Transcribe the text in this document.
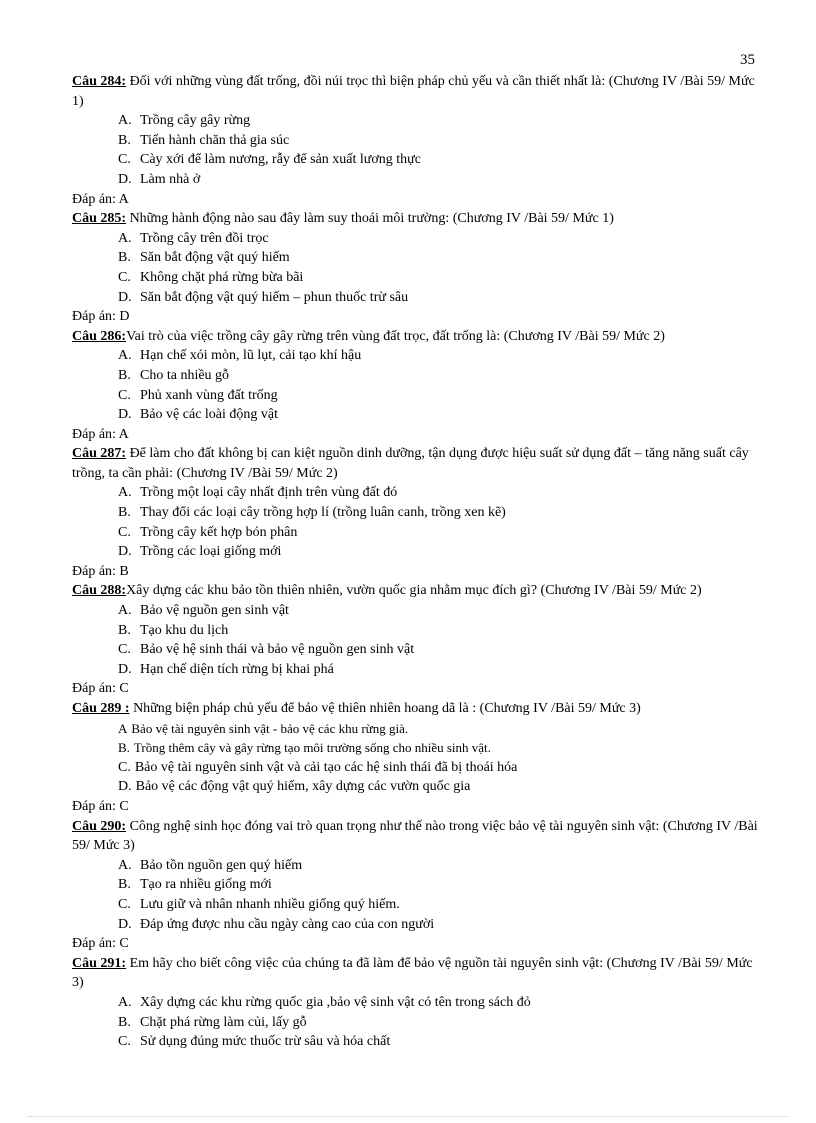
35

Câu 284: Đối với những vùng đất trống, đồi núi trọc thì biện pháp chủ yếu và cần thiết nhất là: (Chương IV /Bài 59/ Mức 1)

A. Trồng cây gây rừng
B. Tiến hành chăn thả gia súc
C. Cày xới để làm nương, rẫy để sản xuất lương thực
D. Làm nhà ở

Đáp án: A

Câu 285: Những hành động nào sau đây làm suy thoái môi trường: (Chương IV /Bài 59/ Mức 1)

A. Trồng cây trên đồi trọc
B. Săn bắt động vật quý hiếm
C. Không chặt phá rừng bừa bãi
D. Săn bắt động vật quý hiếm – phun thuốc trừ sâu

Đáp án: D

Câu 286:Vai trò của việc trồng cây gây rừng trên vùng đất trọc, đất trống là: (Chương IV /Bài 59/ Mức 2)

A. Hạn chế xói mòn, lũ lụt, cải tạo khí hậu
B. Cho ta nhiều gỗ
C. Phủ xanh vùng đất trống
D. Bảo vệ các loài động vật

Đáp án: A

Câu 287: Để làm cho đất không bị can kiệt nguồn dinh dưỡng, tận dụng được hiệu suất sử dụng đất – tăng năng suất cây trồng, ta cần phải: (Chương IV /Bài 59/ Mức 2)

A. Trồng một loại cây nhất định trên vùng đất đó
B. Thay đổi các loại cây trồng hợp lí (trồng luân canh, trồng xen kẽ)
C. Trồng cây kết hợp bón phân
D. Trồng các loại giống mới

Đáp án: B

Câu 288:Xây dựng các khu bảo tồn thiên nhiên, vườn quốc gia nhằm mục đích gì? (Chương IV /Bài 59/ Mức 2)

A. Bảo vệ nguồn gen sinh vật
B. Tạo khu du lịch
C. Bảo vệ hệ sinh thái và bảo vệ nguồn gen sinh vật
D. Hạn chế diện tích rừng bị khai phá

Đáp án: C

Câu 289 : Những biện pháp chủ yếu để bảo vệ thiên nhiên hoang dã là : (Chương IV /Bài 59/ Mức 3)

A Bảo vệ tài nguyên sinh vật - bảo vệ các khu rừng già.
B. Trồng thêm cây và gây rừng tạo môi trường sống cho nhiều sinh vật.
C. Bảo vệ tài nguyên sinh vật và cải tạo các hệ sinh thái đã bị thoái hóa
D. Bảo vệ các động vật quý hiếm, xây dựng các vườn quốc gia

Đáp án: C

Câu 290: Công nghệ sinh học đóng vai trò quan trọng như thế nào trong việc bảo vệ tài nguyên sinh vật: (Chương IV /Bài 59/ Mức 3)

A. Bảo tồn nguồn gen quý hiếm
B. Tạo ra nhiều giống mới
C. Lưu giữ và nhân nhanh nhiều giống quý hiếm.
D. Đáp ứng được nhu cầu ngày càng cao của con người

Đáp án: C

Câu 291: Em hãy cho biết công việc của chúng ta đã làm để bảo vệ nguồn tài nguyên sinh vật: (Chương IV /Bài 59/ Mức 3)

A. Xây dựng các khu rừng quốc gia ,bảo vệ sinh vật có tên trong sách đỏ
B. Chặt phá rừng làm củi, lấy gỗ
C. Sử dụng đúng mức thuốc trừ sâu và hóa chất
